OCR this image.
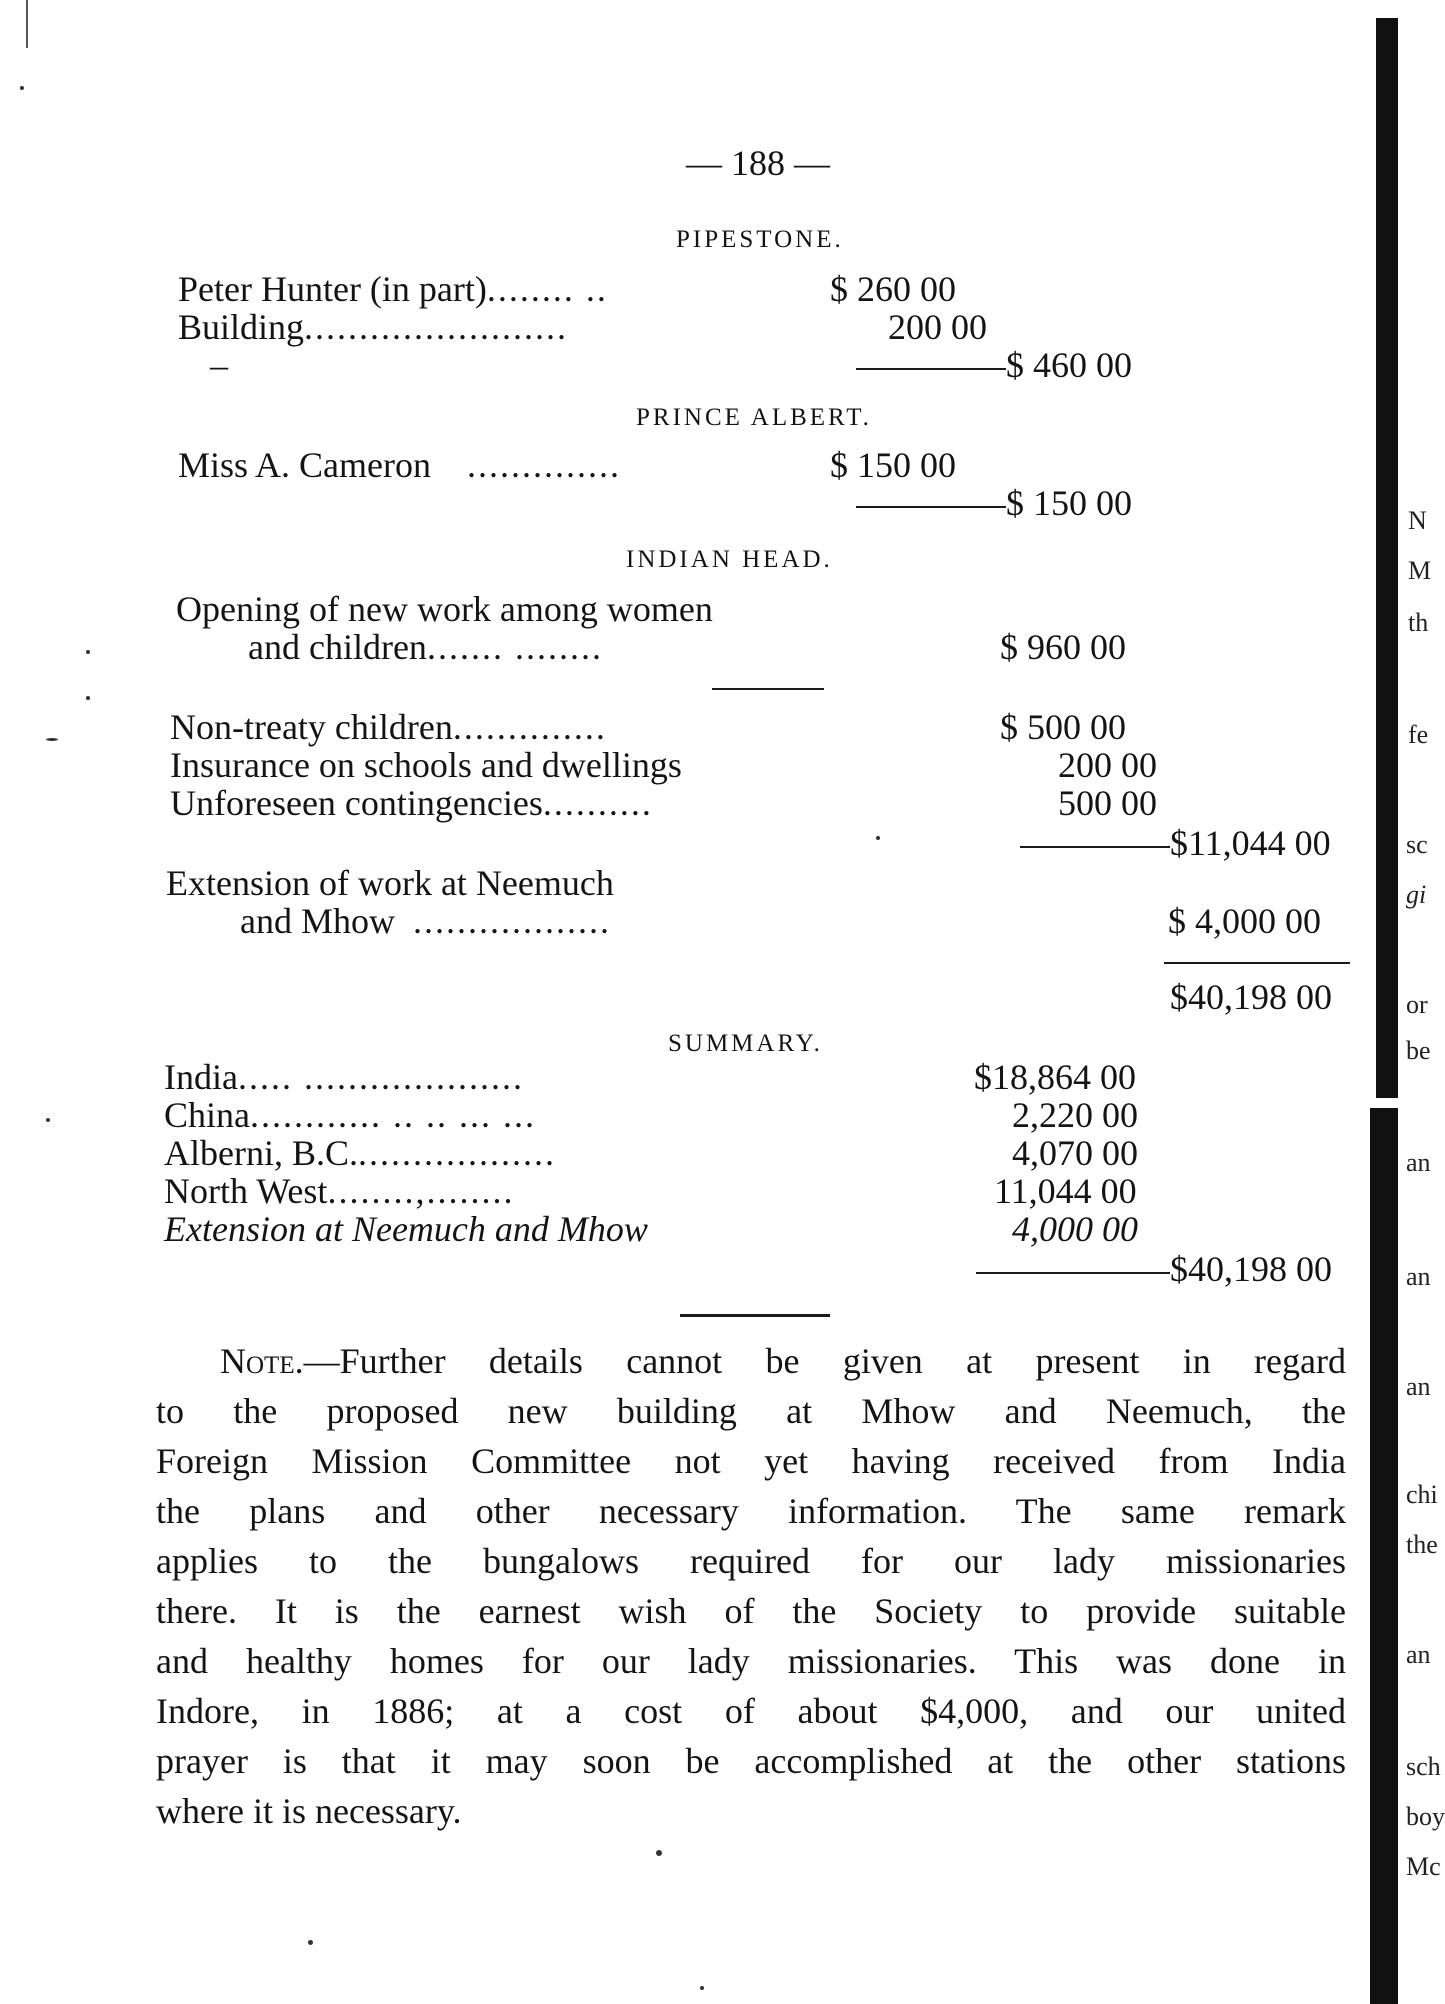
— 188 —
PIPESTONE.
Peter Hunter (in part)........ ..	$ 260 00
Building........................	200 00
–	$ 460 00
PRINCE ALBERT.
Miss A. Cameron ..............	$ 150 00
$ 150 00
INDIAN HEAD.
Opening of new work among women
and children....... ........	$ 960 00
Non-treaty children..............	$ 500 00
Insurance on schools and dwellings	200 00
Unforeseen contingencies..........	500 00
$11,044 00
Extension of work at Neemuch
and Mhow ..................	$ 4,000 00
$40,198 00
SUMMARY.
India..... ....................	$18,864 00
China............ .. .. ... ...	2,220 00
Alberni, B.C...................	4,070 00
North West........,........	11,044 00
Extension at Neemuch and Mhow	4,000 00
$40,198 00
Note.—Further details cannot be given at present in regard
to the proposed new building at Mhow and Neemuch, the
Foreign Mission Committee not yet having received from India
the plans and other necessary information. The same remark
applies to the bungalows required for our lady missionaries
there. It is the earnest wish of the Society to provide suitable
and healthy homes for our lady missionaries. This was done in
Indore, in 1886; at a cost of about $4,000, and our united
prayer is that it may soon be accomplished at the other stations
where it is necessary.
N
M
th
fe
sc
gi
or
be
an
an
an
chi
the
an
sch
boy
Mc
